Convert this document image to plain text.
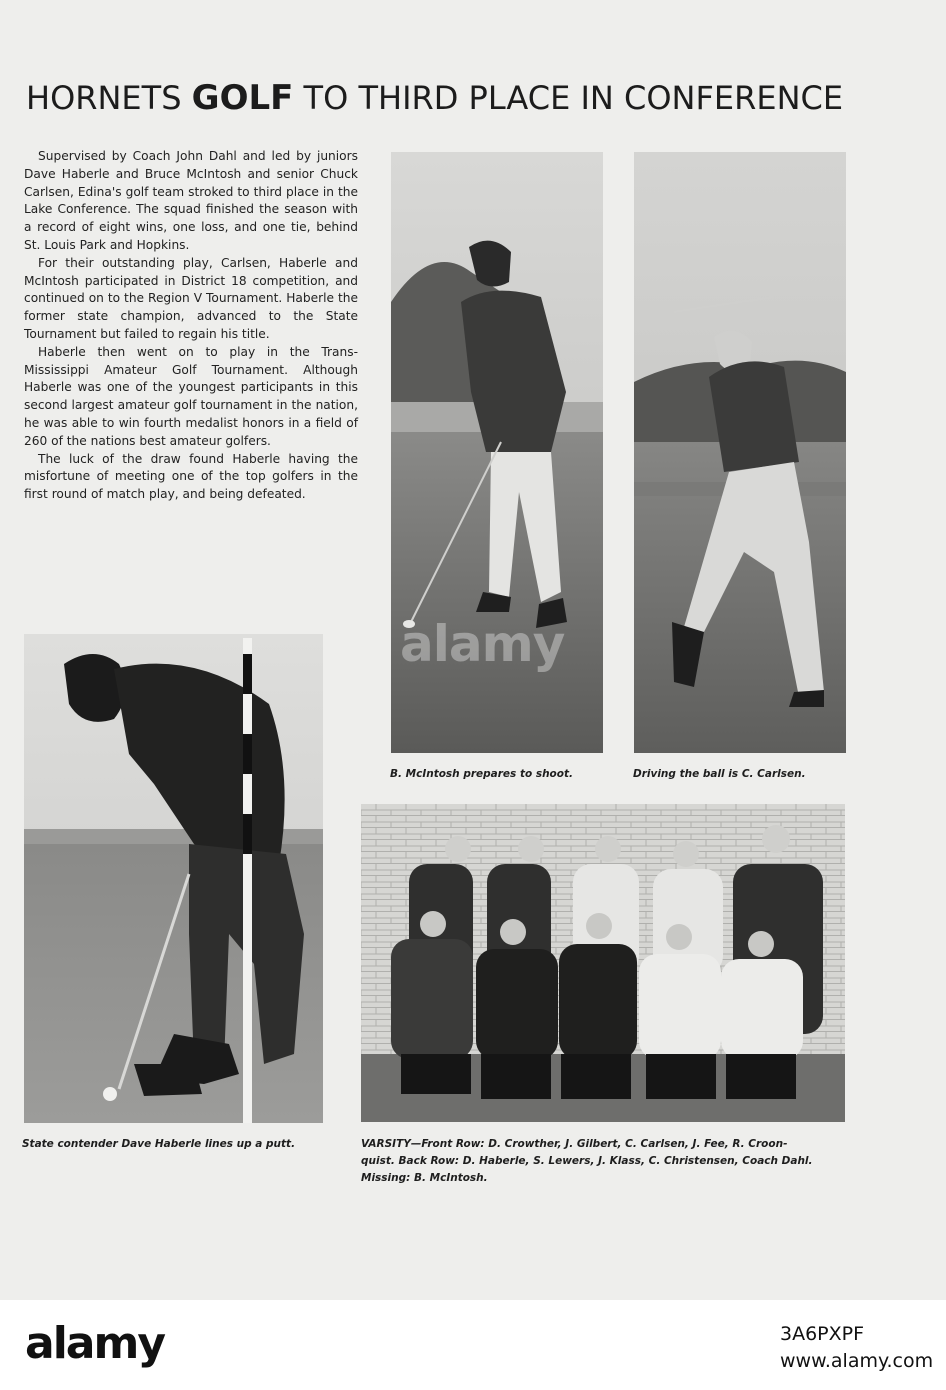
HORNETS GOLF TO THIRD PLACE IN CONFERENCE

Supervised by Coach John Dahl and led by juniors Dave Haberle and Bruce McIntosh and senior Chuck Carlsen, Edina's golf team stroked to third place in the Lake Conference. The squad finished the season with a record of eight wins, one loss, and one tie, behind St. Louis Park and Hopkins.

For their outstanding play, Carlsen, Haberle and McIntosh participated in District 18 competition, and continued on to the Region V Tournament. Haberle the former state champion, advanced to the State Tournament but failed to regain his title.

Haberle then went on to play in the Trans-Mississippi Amateur Golf Tournament. Although Haberle was one of the youngest participants in this second largest amateur golf tournament in the nation, he was able to win fourth medalist honors in a field of 260 of the nations best amateur golfers.

The luck of the draw found Haberle having the misfortune of meeting one of the top golfers in the first round of match play, and being defeated.

B. McIntosh prepares to shoot.	Driving the ball is C. Carlsen.
State contender Dave Haberle lines up a putt.	VARSITY—Front Row: D. Crowther, J. Gilbert, C. Carlsen, J. Fee, R. Croon-
quist. Back Row: D. Haberle, S. Lewers, J. Klass, C. Christensen, Coach Dahl.
Missing: B. McIntosh.
alamy
alamy	3A6PXPF
www.alamy.com
